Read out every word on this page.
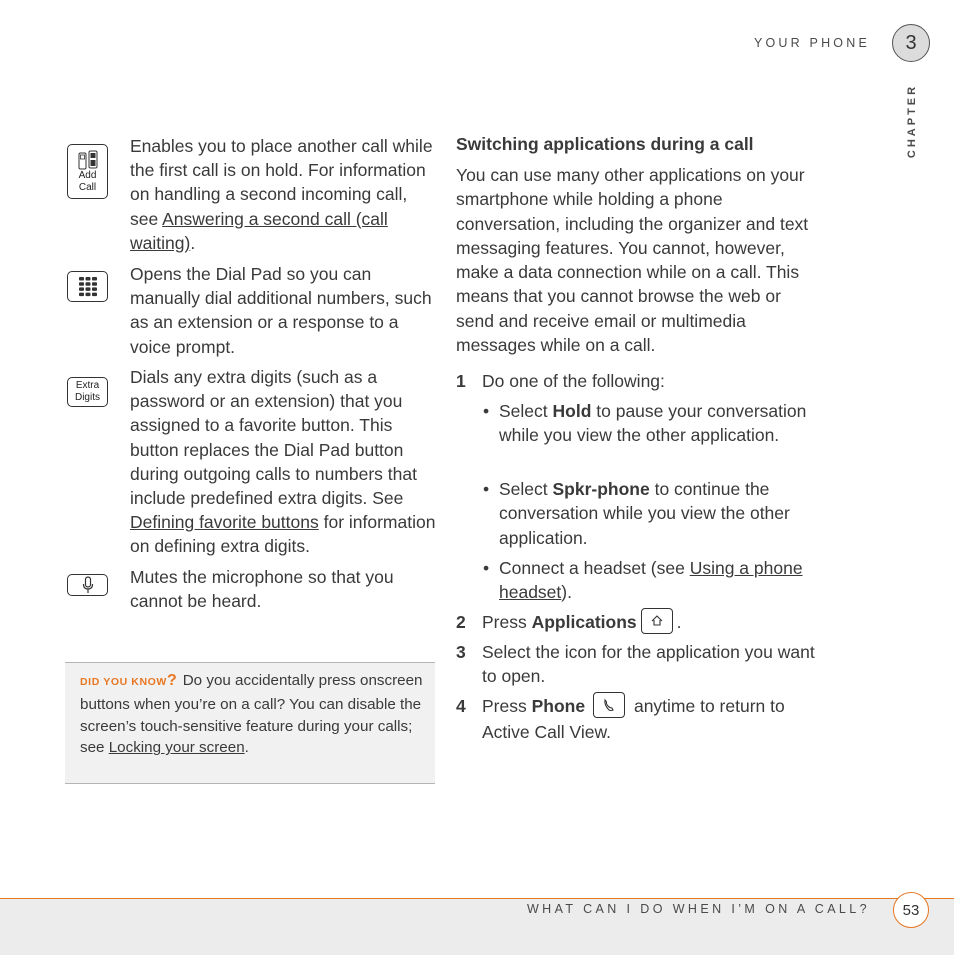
YOUR PHONE 3
CHAPTER
Add
Call
Enables you to place another call while the first call is on hold. For information on handling a second incoming call, see Answering a second call (call waiting).
Opens the Dial Pad so you can manually dial additional numbers, such as an extension or a response to a voice prompt.
Extra
Digits
Dials any extra digits (such as a password or an extension) that you assigned to a favorite button. This button replaces the Dial Pad button during outgoing calls to numbers that include predefined extra digits. See Defining favorite buttons for information on defining extra digits.
Mutes the microphone so that you cannot be heard.
DID YOU KNOW? Do you accidentally press onscreen buttons when you’re on a call? You can disable the screen’s touch-sensitive feature during your calls; see Locking your screen.
Switching applications during a call
You can use many other applications on your smartphone while holding a phone conversation, including the organizer and text messaging features. You cannot, however, make a data connection while on a call. This means that you cannot browse the web or send and receive email or multimedia messages while on a call.
1 Do one of the following:
• Select Hold to pause your conversation while you view the other application.
• Select Spkr-phone to continue the conversation while you view the other application.
• Connect a headset (see Using a phone headset).
2 Press Applications .
3 Select the icon for the application you want to open.
4 Press Phone	anytime to return to Active Call View.
WHAT CAN I DO WHEN I’M ON A CALL? 53
